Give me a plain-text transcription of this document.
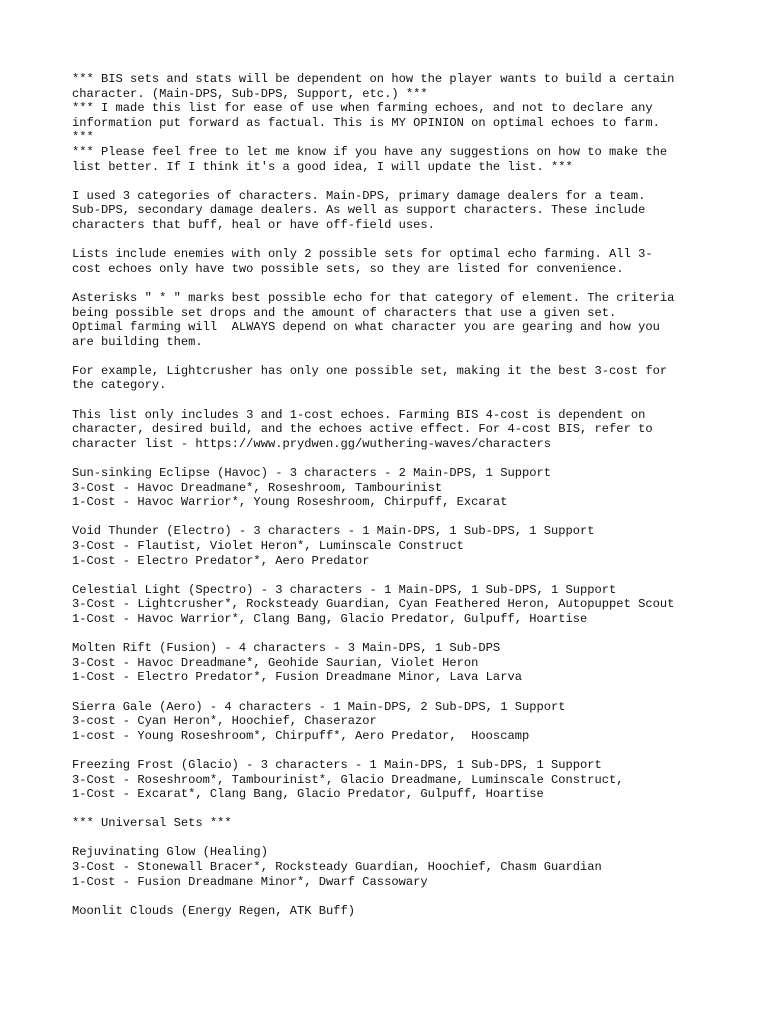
*** BIS sets and stats will be dependent on how the player wants to build a certain
character. (Main-DPS, Sub-DPS, Support, etc.) ***
*** I made this list for ease of use when farming echoes, and not to declare any
information put forward as factual. This is MY OPINION on optimal echoes to farm.
***
*** Please feel free to let me know if you have any suggestions on how to make the
list better. If I think it's a good idea, I will update the list. ***
I used 3 categories of characters. Main-DPS, primary damage dealers for a team.
Sub-DPS, secondary damage dealers. As well as support characters. These include
characters that buff, heal or have off-field uses.
Lists include enemies with only 2 possible sets for optimal echo farming. All 3-
cost echoes only have two possible sets, so they are listed for convenience.
Asterisks " * " marks best possible echo for that category of element. The criteria
being possible set drops and the amount of characters that use a given set.
Optimal farming will  ALWAYS depend on what character you are gearing and how you
are building them.
For example, Lightcrusher has only one possible set, making it the best 3-cost for
the category.
This list only includes 3 and 1-cost echoes. Farming BIS 4-cost is dependent on
character, desired build, and the echoes active effect. For 4-cost BIS, refer to
character list - https://www.prydwen.gg/wuthering-waves/characters
Sun-sinking Eclipse (Havoc) - 3 characters - 2 Main-DPS, 1 Support
3-Cost - Havoc Dreadmane*, Roseshroom, Tambourinist
1-Cost - Havoc Warrior*, Young Roseshroom, Chirpuff, Excarat
Void Thunder (Electro) - 3 characters - 1 Main-DPS, 1 Sub-DPS, 1 Support
3-Cost - Flautist, Violet Heron*, Luminscale Construct
1-Cost - Electro Predator*, Aero Predator
Celestial Light (Spectro) - 3 characters - 1 Main-DPS, 1 Sub-DPS, 1 Support
3-Cost - Lightcrusher*, Rocksteady Guardian, Cyan Feathered Heron, Autopuppet Scout
1-Cost - Havoc Warrior*, Clang Bang, Glacio Predator, Gulpuff, Hoartise
Molten Rift (Fusion) - 4 characters - 3 Main-DPS, 1 Sub-DPS
3-Cost - Havoc Dreadmane*, Geohide Saurian, Violet Heron
1-Cost - Electro Predator*, Fusion Dreadmane Minor, Lava Larva
Sierra Gale (Aero) - 4 characters - 1 Main-DPS, 2 Sub-DPS, 1 Support
3-cost - Cyan Heron*, Hoochief, Chaserazor
1-cost - Young Roseshroom*, Chirpuff*, Aero Predator,  Hooscamp
Freezing Frost (Glacio) - 3 characters - 1 Main-DPS, 1 Sub-DPS, 1 Support
3-Cost - Roseshroom*, Tambourinist*, Glacio Dreadmane, Luminscale Construct,
1-Cost - Excarat*, Clang Bang, Glacio Predator, Gulpuff, Hoartise
*** Universal Sets ***
Rejuvinating Glow (Healing)
3-Cost - Stonewall Bracer*, Rocksteady Guardian, Hoochief, Chasm Guardian
1-Cost - Fusion Dreadmane Minor*, Dwarf Cassowary
Moonlit Clouds (Energy Regen, ATK Buff)
